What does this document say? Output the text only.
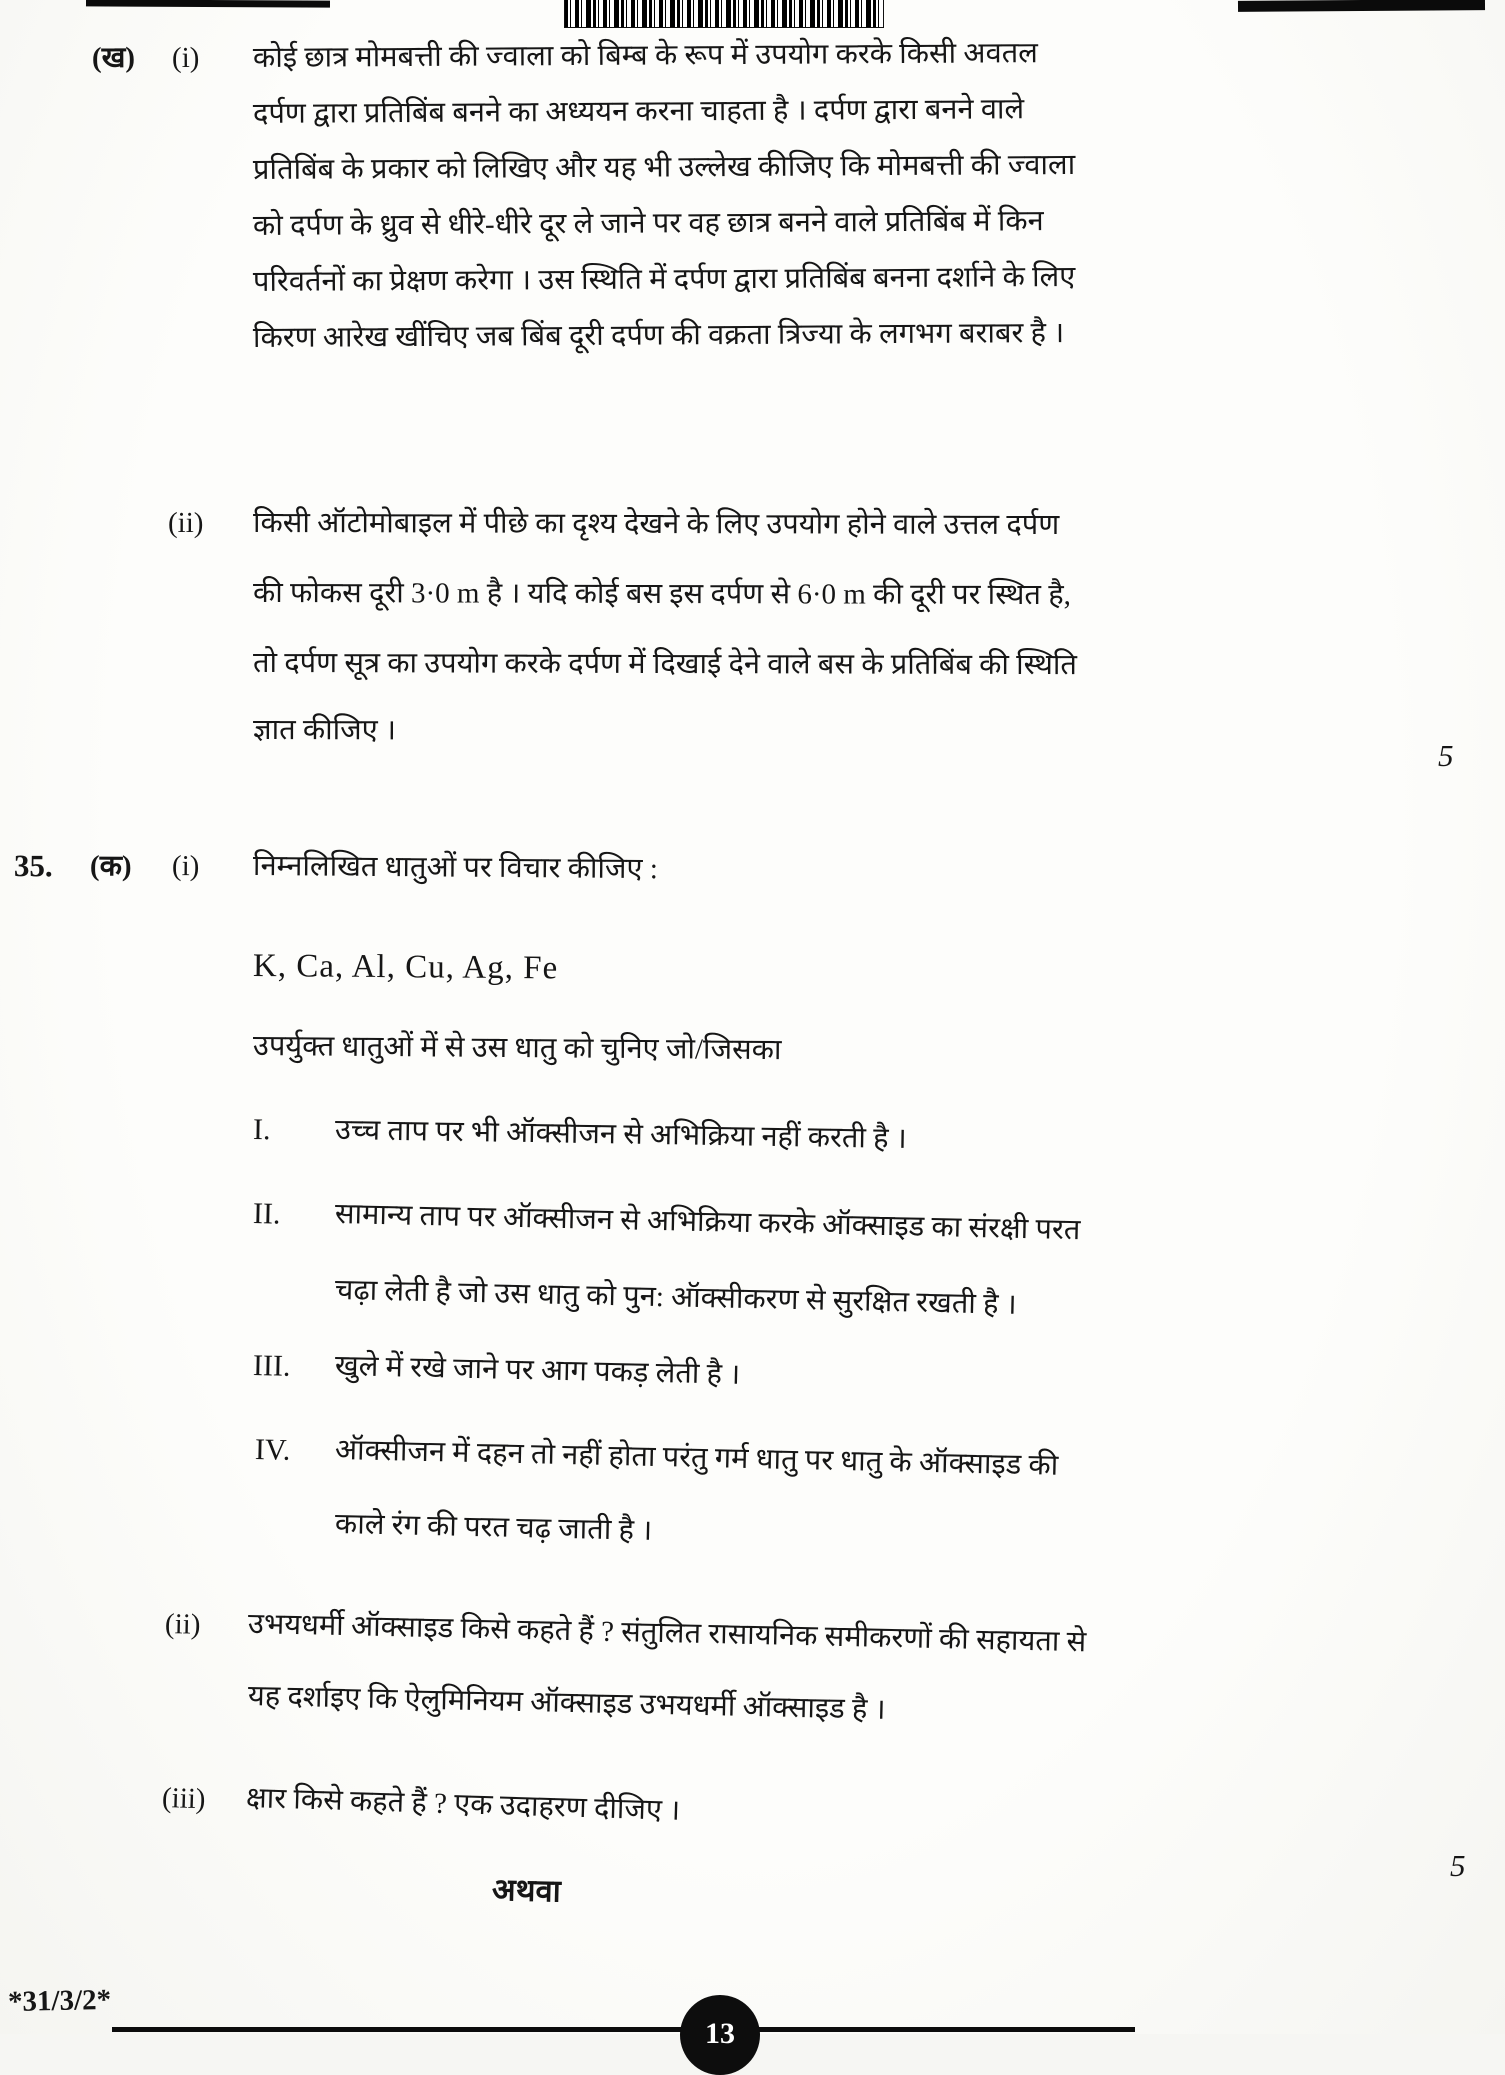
(ख) (i) कोई छात्र मोमबत्ती की ज्वाला को बिम्ब के रूप में उपयोग करके किसी अवतल
दर्पण द्वारा प्रतिबिंब बनने का अध्ययन करना चाहता है । दर्पण द्वारा बनने वाले
प्रतिबिंब के प्रकार को लिखिए और यह भी उल्लेख कीजिए कि मोमबत्ती की ज्वाला
को दर्पण के ध्रुव से धीरे-धीरे दूर ले जाने पर वह छात्र बनने वाले प्रतिबिंब में किन
परिवर्तनों का प्रेक्षण करेगा । उस स्थिति में दर्पण द्वारा प्रतिबिंब बनना दर्शाने के लिए
किरण आरेख खींचिए जब बिंब दूरी दर्पण की वक्रता त्रिज्या के लगभग बराबर है ।
(ii) किसी ऑटोमोबाइल में पीछे का दृश्य देखने के लिए उपयोग होने वाले उत्तल दर्पण
की फोकस दूरी 3·0 m है । यदि कोई बस इस दर्पण से 6·0 m की दूरी पर स्थित है,
तो दर्पण सूत्र का उपयोग करके दर्पण में दिखाई देने वाले बस के प्रतिबिंब की स्थिति
ज्ञात कीजिए ।
5
35. (क) (i) निम्नलिखित धातुओं पर विचार कीजिए :
K, Ca, Al, Cu, Ag, Fe
उपर्युक्त धातुओं में से उस धातु को चुनिए जो/जिसका
I. उच्च ताप पर भी ऑक्सीजन से अभिक्रिया नहीं करती है ।
II. सामान्य ताप पर ऑक्सीजन से अभिक्रिया करके ऑक्साइड का संरक्षी परत
चढ़ा लेती है जो उस धातु को पुन: ऑक्सीकरण से सुरक्षित रखती है ।
III. खुले में रखे जाने पर आग पकड़ लेती है ।
IV. ऑक्सीजन में दहन तो नहीं होता परंतु गर्म धातु पर धातु के ऑक्साइड की
काले रंग की परत चढ़ जाती है ।
(ii) उभयधर्मी ऑक्साइड किसे कहते हैं ? संतुलित रासायनिक समीकरणों की सहायता से
यह दर्शाइए कि ऐलुमिनियम ऑक्साइड उभयधर्मी ऑक्साइड है ।
(iii) क्षार किसे कहते हैं ? एक उदाहरण दीजिए ।
अथवा
5
*31/3/2*
13
